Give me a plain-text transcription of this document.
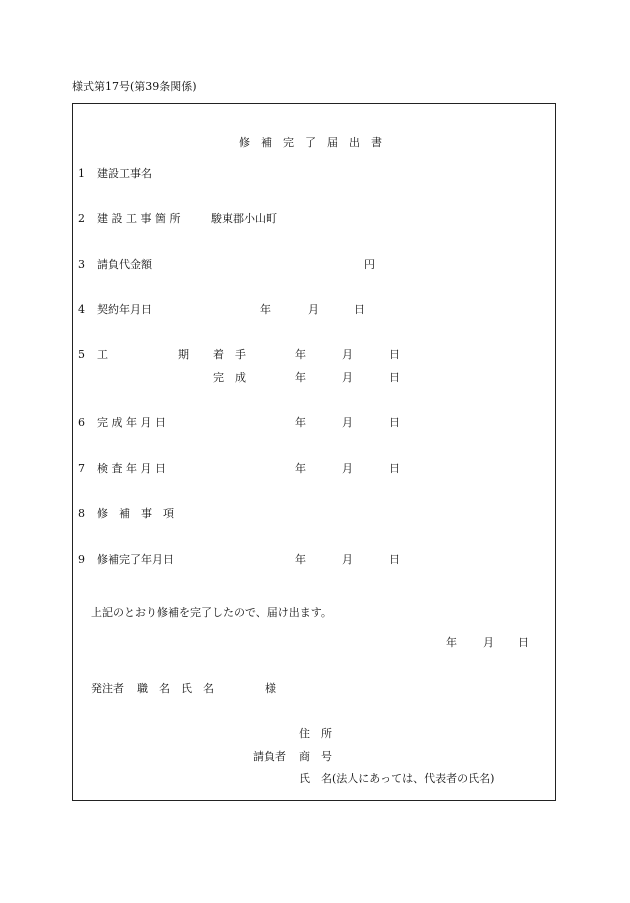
様式第17号(第39条関係)
修　補　完　了　届　出　書
1 建設工事名
2 建 設 工 事 箇 所	駿東郡小山町
3 請負代金額	円
4 契約年月日	年	月	日
5 工	期 着　手	年	月	日
完　成	年	月	日
6 完 成 年 月 日	年	月	日
7 検 査 年 月 日	年	月	日
8 修　補　事　項
9 修補完了年月日	年	月	日
上記のとおり修補を完了したので、届け出ます。
年 月 日
発注者 職　名　氏　名	様
住　所
請負者 商　号
氏　名(法人にあっては、代表者の氏名)
